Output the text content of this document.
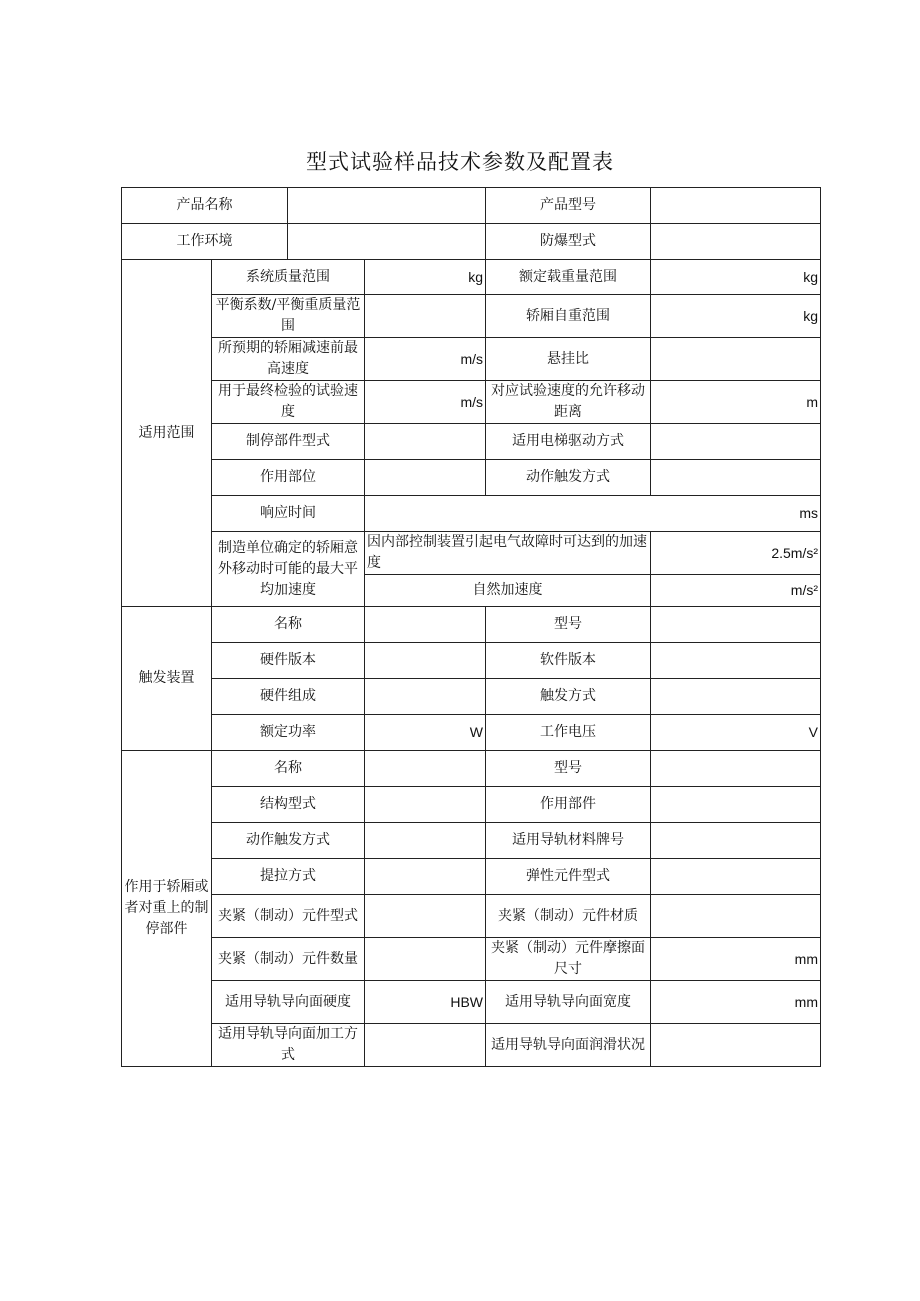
型式试验样品技术参数及配置表
产品名称				产品型号	
工作环境				防爆型式	
适用范围	系统质量范围		kg	额定载重量范围	kg
	平衡系数/平衡重质量范围			轿厢自重范围	kg
	所预期的轿厢减速前最高速度		m/s	悬挂比	
	用于最终检验的试验速度		m/s	对应试验速度的允许移动距离	m
	制停部件型式			适用电梯驱动方式	
	作用部位			动作触发方式	
	响应时间		ms		
	制造单位确定的轿厢意外移动时可能的最大平均加速度		因内部控制装置引起电气故障时可达到的加速度		2.5m/s²
			自然加速度		m/s²
触发装置	名称			型号	
	硬件版本			软件版本	
	硬件组成			触发方式	
	额定功率		W	工作电压	V
作用于轿厢或者对重上的制停部件	名称			型号	
	结构型式			作用部件	
	动作触发方式			适用导轨材料牌号	
	提拉方式			弹性元件型式	
	夹紧（制动）元件型式			夹紧（制动）元件材质	
	夹紧（制动）元件数量			夹紧（制动）元件摩擦面尺寸	mm
	适用导轨导向面硬度		HBW	适用导轨导向面宽度	mm
	适用导轨导向面加工方式			适用导轨导向面润滑状况	
